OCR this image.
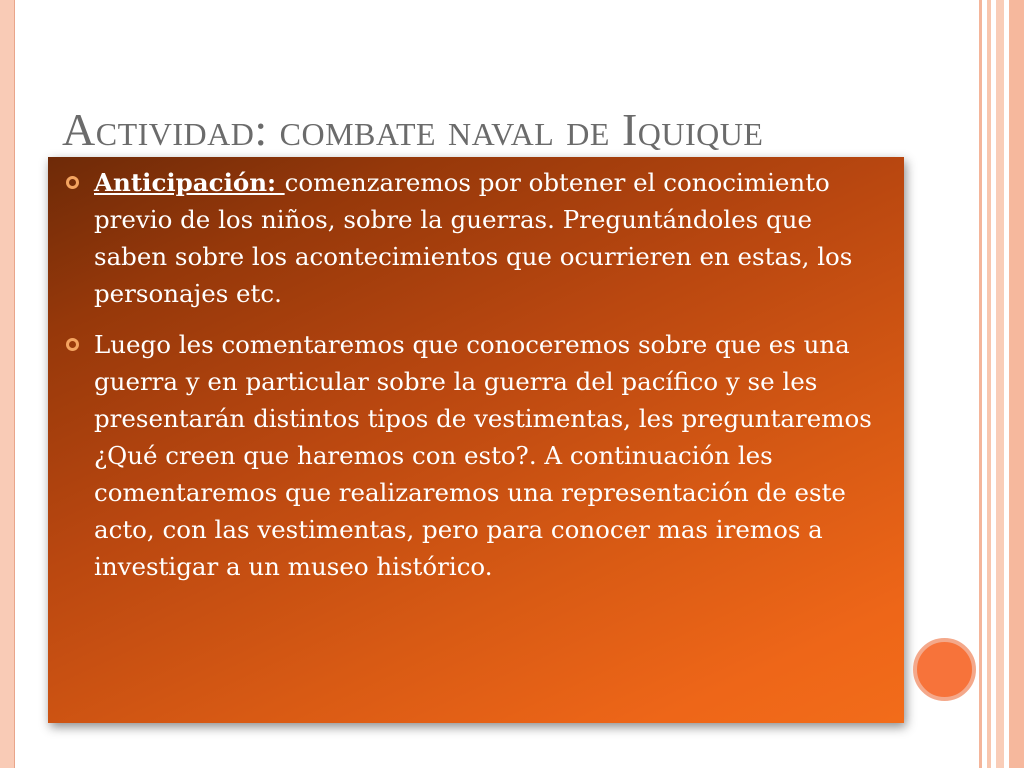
Actividad: combate naval de Iquique
Anticipación: comenzaremos por obtener el conocimiento previo de los niños, sobre la guerras. Preguntándoles que saben sobre los acontecimientos que ocurrieren en estas, los personajes etc.
Luego les comentaremos que conoceremos sobre que es una guerra y en particular sobre la guerra del pacífico y se les presentarán distintos tipos de vestimentas, les preguntaremos ¿Qué creen que haremos con esto?. A continuación les comentaremos que realizaremos una representación de este acto, con las vestimentas, pero para conocer mas iremos a investigar a un museo histórico.
